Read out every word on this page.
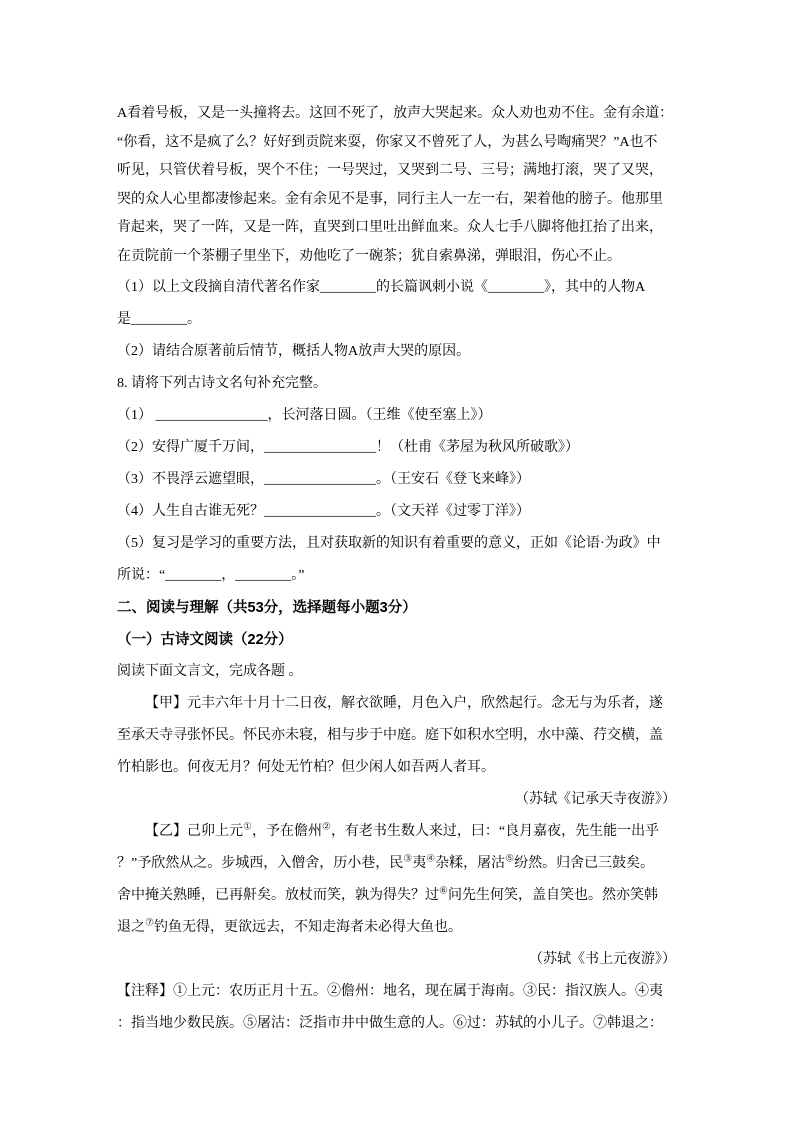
A看着号板，又是一头撞将去。这回不死了，放声大哭起来。众人劝也劝不住。金有余道：
“你看，这不是疯了么？好好到贡院来耍，你家又不曾死了人，为甚么号啕痛哭？”A也不
听见，只管伏着号板，哭个不住；一号哭过，又哭到二号、三号；满地打滚，哭了又哭，
哭的众人心里都凄惨起来。金有余见不是事，同行主人一左一右，架着他的膀子。他那里
肯起来，哭了一阵，又是一阵，直哭到口里吐出鲜血来。众人七手八脚将他扛抬了出来，
在贡院前一个茶棚子里坐下，劝他吃了一碗茶；犹自索鼻涕，弹眼泪，伤心不止。
（1）以上文段摘自清代著名作家________的长篇讽刺小说《________》，其中的人物A
是________。
（2）请结合原著前后情节，概括人物A放声大哭的原因。
8. 请将下列古诗文名句补充完整。
（1） ________________，长河落日圆。（王维《使至塞上》）
（2）安得广厦千万间，________________！（杜甫《茅屋为秋风所破歌》）
（3）不畏浮云遮望眼，________________。（王安石《登飞来峰》）
（4）人生自古谁无死？________________。（文天祥《过零丁洋》）
（5）复习是学习的重要方法，且对获取新的知识有着重要的意义，正如《论语·为政》中
所说：“________，________。”
二、阅读与理解（共53分，选择题每小题3分）
（一）古诗文阅读（22分）
阅读下面文言文，完成各题 。
【甲】元丰六年十月十二日夜，解衣欲睡，月色入户，欣然起行。念无与为乐者，遂
至承天寺寻张怀民。怀民亦未寝，相与步于中庭。庭下如积水空明，水中藻、荇交横，盖
竹柏影也。何夜无月？何处无竹柏？但少闲人如吾两人者耳。
（苏轼《记承天寺夜游》）
【乙】己卯上元①，予在儋州②，有老书生数人来过，曰：“良月嘉夜，先生能一出乎
？”予欣然从之。步城西，入僧舍，历小巷，民③夷④杂糅，屠沽⑤纷然。归舍已三鼓矣。
舍中掩关熟睡，已再鼾矣。放杖而笑，孰为得失？过⑥问先生何笑，盖自笑也。然亦笑韩
退之⑦钓鱼无得，更欲远去，不知走海者未必得大鱼也。
（苏轼《书上元夜游》）
【注释】①上元：农历正月十五。②儋州：地名，现在属于海南。③民：指汉族人。④夷
：指当地少数民族。⑤屠沽：泛指市井中做生意的人。⑥过：苏轼的小儿子。⑦韩退之：
